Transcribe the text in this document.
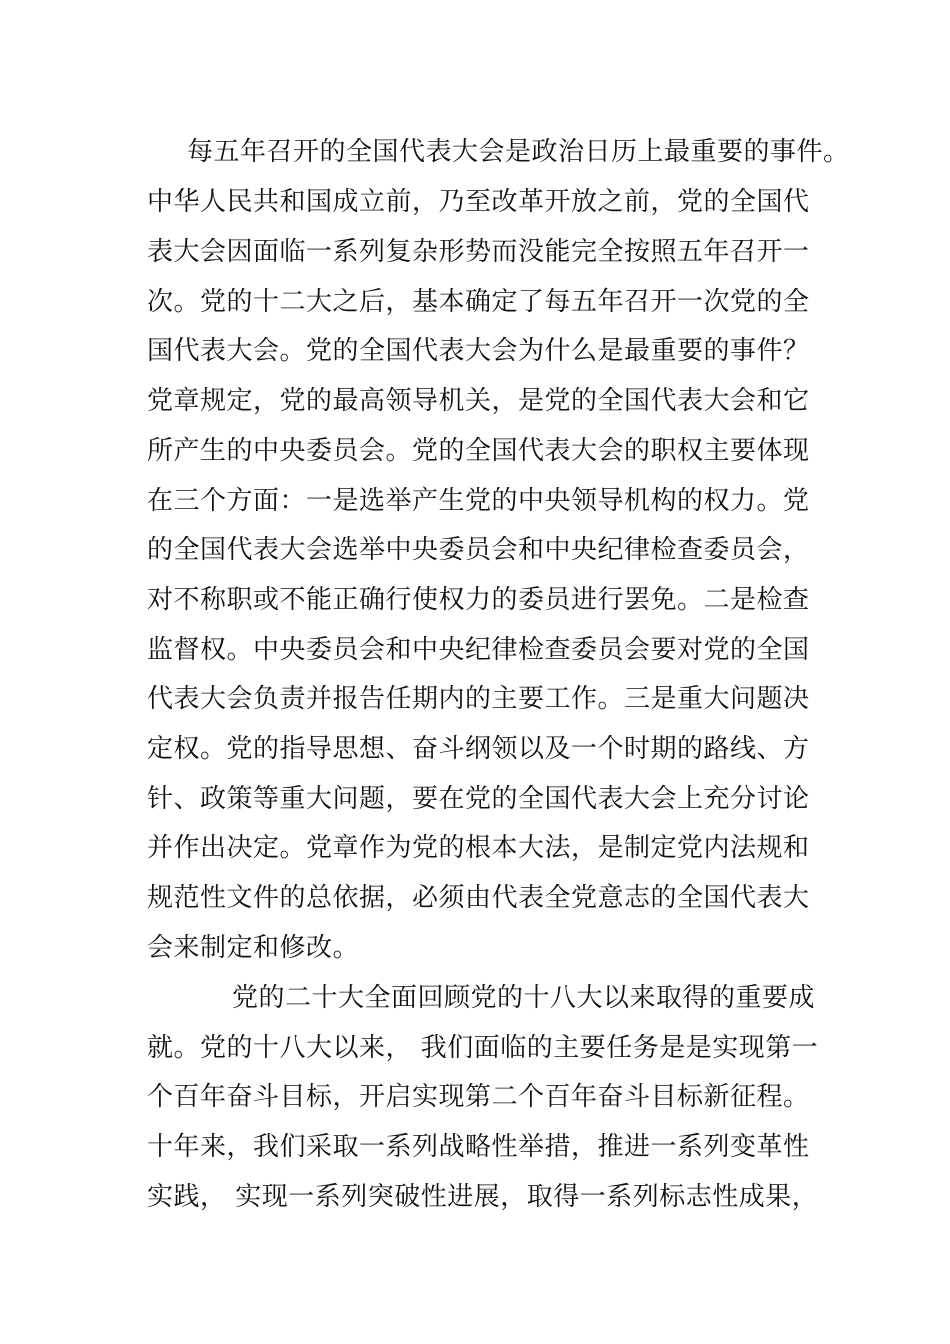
每五年召开的全国代表大会是政治日历上最重要的事件。
中华人民共和国成立前，乃至改革开放之前，党的全国代
表大会因面临一系列复杂形势而没能完全按照五年召开一
次。党的十二大之后，基本确定了每五年召开一次党的全
国代表大会。党的全国代表大会为什么是最重要的事件？
党章规定，党的最高领导机关，是党的全国代表大会和它
所产生的中央委员会。党的全国代表大会的职权主要体现
在三个方面：一是选举产生党的中央领导机构的权力。党
的全国代表大会选举中央委员会和中央纪律检查委员会，
对不称职或不能正确行使权力的委员进行罢免。二是检查
监督权。中央委员会和中央纪律检查委员会要对党的全国
代表大会负责并报告任期内的主要工作。三是重大问题决
定权。党的指导思想、奋斗纲领以及一个时期的路线、方
针、政策等重大问题，要在党的全国代表大会上充分讨论
并作出决定。党章作为党的根本大法，是制定党内法规和
规范性文件的总依据，必须由代表全党意志的全国代表大
会来制定和修改。
党的二十大全面回顾党的十八大以来取得的重要成
就。党的十八大以来， 我们面临的主要任务是是实现第一
个百年奋斗目标，开启实现第二个百年奋斗目标新征程。
十年来，我们采取一系列战略性举措，推进一系列变革性
实践， 实现一系列突破性进展，取得一系列标志性成果，
